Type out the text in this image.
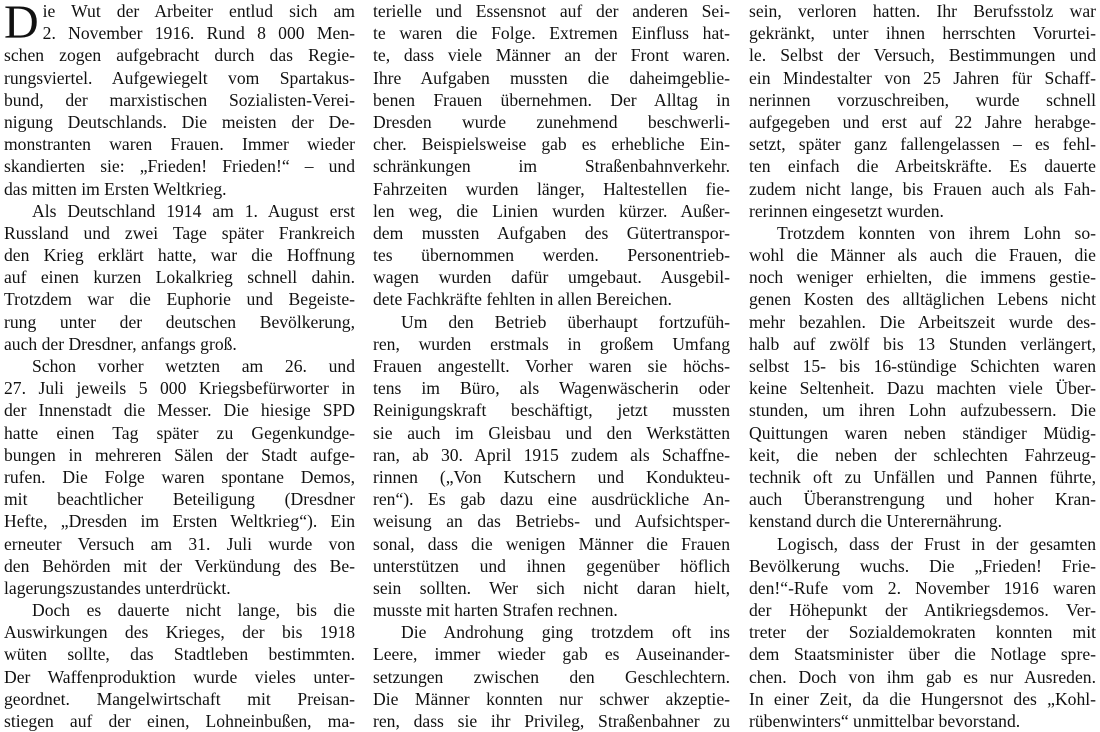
D ie Wut der Arbeiter entlud sich am
2. November 1916. Rund 8 000 Men-
schen zogen aufgebracht durch das Regie-
rungsviertel. Aufgewiegelt vom Spartakus-
bund, der marxistischen Sozialisten-Verei-
nigung Deutschlands. Die meisten der De-
monstranten waren Frauen. Immer wieder
skandierten sie: „Frieden! Frieden!“ – und
das mitten im Ersten Weltkrieg.
Als Deutschland 1914 am 1. August erst
Russland und zwei Tage später Frankreich
den Krieg erklärt hatte, war die Hoffnung
auf einen kurzen Lokalkrieg schnell dahin.
Trotzdem war die Euphorie und Begeiste-
rung unter der deutschen Bevölkerung,
auch der Dresdner, anfangs groß.
Schon vorher wetzten am 26. und
27. Juli jeweils 5 000 Kriegsbefürworter in
der Innenstadt die Messer. Die hiesige SPD
hatte einen Tag später zu Gegenkundge-
bungen in mehreren Sälen der Stadt aufge-
rufen. Die Folge waren spontane Demos,
mit beachtlicher Beteiligung (Dresdner
Hefte, „Dresden im Ersten Weltkrieg“). Ein
erneuter Versuch am 31. Juli wurde von
den Behörden mit der Verkündung des Be-
lagerungszustandes unterdrückt.
Doch es dauerte nicht lange, bis die
Auswirkungen des Krieges, der bis 1918
wüten sollte, das Stadtleben bestimmten.
Der Waffenproduktion wurde vieles unter-
geordnet. Mangelwirtschaft mit Preisan-
stiegen auf der einen, Lohneinbußen, ma-
terielle und Essensnot auf der anderen Sei-
te waren die Folge. Extremen Einfluss hat-
te, dass viele Männer an der Front waren.
Ihre Aufgaben mussten die daheimgeblie-
benen Frauen übernehmen. Der Alltag in
Dresden wurde zunehmend beschwerli-
cher. Beispielsweise gab es erhebliche Ein-
schränkungen im Straßenbahnverkehr.
Fahrzeiten wurden länger, Haltestellen fie-
len weg, die Linien wurden kürzer. Außer-
dem mussten Aufgaben des Gütertranspor-
tes übernommen werden. Personentrieb-
wagen wurden dafür umgebaut. Ausgebil-
dete Fachkräfte fehlten in allen Bereichen.
Um den Betrieb überhaupt fortzufüh-
ren, wurden erstmals in großem Umfang
Frauen angestellt. Vorher waren sie höchs-
tens im Büro, als Wagenwäscherin oder
Reinigungskraft beschäftigt, jetzt mussten
sie auch im Gleisbau und den Werkstätten
ran, ab 30. April 1915 zudem als Schaffne-
rinnen („Von Kutschern und Kondukteu-
ren“). Es gab dazu eine ausdrückliche An-
weisung an das Betriebs- und Aufsichtsper-
sonal, dass die wenigen Männer die Frauen
unterstützen und ihnen gegenüber höflich
sein sollten. Wer sich nicht daran hielt,
musste mit harten Strafen rechnen.
Die Androhung ging trotzdem oft ins
Leere, immer wieder gab es Auseinander-
setzungen zwischen den Geschlechtern.
Die Männer konnten nur schwer akzeptie-
ren, dass sie ihr Privileg, Straßenbahner zu
sein, verloren hatten. Ihr Berufsstolz war
gekränkt, unter ihnen herrschten Vorurtei-
le. Selbst der Versuch, Bestimmungen und
ein Mindestalter von 25 Jahren für Schaff-
nerinnen vorzuschreiben, wurde schnell
aufgegeben und erst auf 22 Jahre herabge-
setzt, später ganz fallengelassen – es fehl-
ten einfach die Arbeitskräfte. Es dauerte
zudem nicht lange, bis Frauen auch als Fah-
rerinnen eingesetzt wurden.
Trotzdem konnten von ihrem Lohn so-
wohl die Männer als auch die Frauen, die
noch weniger erhielten, die immens gestie-
genen Kosten des alltäglichen Lebens nicht
mehr bezahlen. Die Arbeitszeit wurde des-
halb auf zwölf bis 13 Stunden verlängert,
selbst 15- bis 16-stündige Schichten waren
keine Seltenheit. Dazu machten viele Über-
stunden, um ihren Lohn aufzubessern. Die
Quittungen waren neben ständiger Müdig-
keit, die neben der schlechten Fahrzeug-
technik oft zu Unfällen und Pannen führte,
auch Überanstrengung und hoher Kran-
kenstand durch die Unterernährung.
Logisch, dass der Frust in der gesamten
Bevölkerung wuchs. Die „Frieden! Frie-
den!“-Rufe vom 2. November 1916 waren
der Höhepunkt der Antikriegsdemos. Ver-
treter der Sozialdemokraten konnten mit
dem Staatsminister über die Notlage spre-
chen. Doch von ihm gab es nur Ausreden.
In einer Zeit, da die Hungersnot des „Kohl-
rübenwinters“ unmittelbar bevorstand.
